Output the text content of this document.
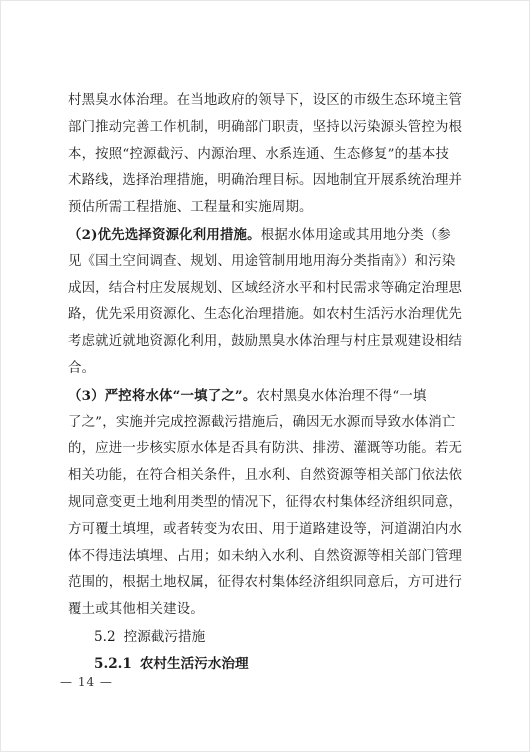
村黑臭水体治理。在当地政府的领导下，设区的市级生态环境主管
部门推动完善工作机制，明确部门职责，坚持以污染源头管控为根
本，按照“控源截污、内源治理、水系连通、生态修复”的基本技
术路线，选择治理措施，明确治理目标。因地制宜开展系统治理并
预估所需工程措施、工程量和实施周期。
（2)优先选择资源化利用措施。根据水体用途或其用地分类（参
见《国土空间调查、规划、用途管制用地用海分类指南》）和污染
成因，结合村庄发展规划、区域经济水平和村民需求等确定治理思
路，优先采用资源化、生态化治理措施。如农村生活污水治理优先
考虑就近就地资源化利用，鼓励黑臭水体治理与村庄景观建设相结
合。
（3）严控将水体“一填了之”。农村黑臭水体治理不得“一填
了之”，实施并完成控源截污措施后，确因无水源而导致水体消亡
的，应进一步核实原水体是否具有防洪、排涝、灌溉等功能。若无
相关功能，在符合相关条件，且水利、自然资源等相关部门依法依
规同意变更土地利用类型的情况下，征得农村集体经济组织同意，
方可覆土填埋，或者转变为农田、用于道路建设等，河道湖泊内水
体不得违法填埋、占用；如未纳入水利、自然资源等相关部门管理
范围的，根据土地权属，征得农村集体经济组织同意后，方可进行
覆土或其他相关建设。
5.2 控源截污措施
5.2.1 农村生活污水治理
— 14 —
